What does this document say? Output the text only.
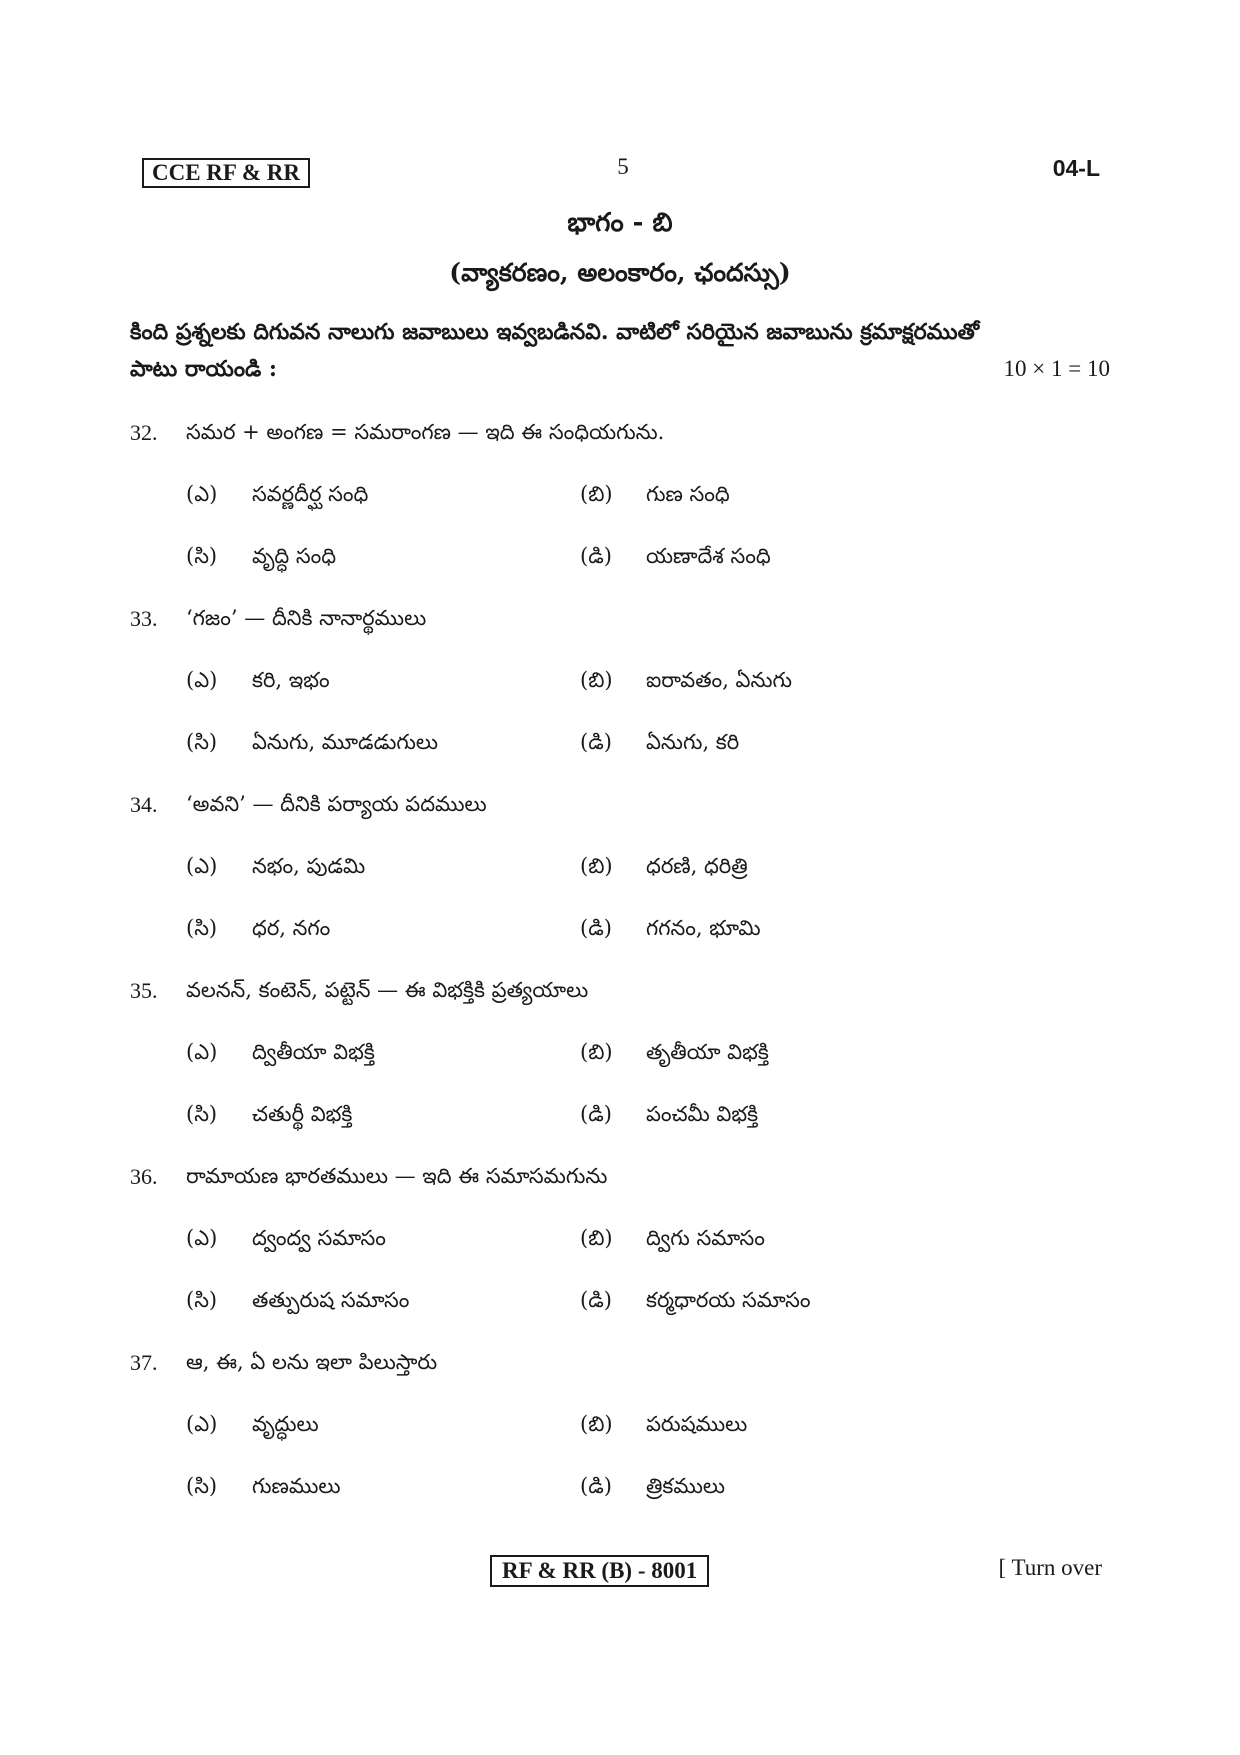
CCE RF & RR	5	04-L
భాగం - బి
(వ్యాకరణం, అలంకారం, ఛందస్సు)
కింది ప్రశ్నలకు దిగువన నాలుగు జవాబులు ఇవ్వబడినవి. వాటిలో సరియైన జవాబును క్రమాక్షరముతో
పాటు రాయండి :	10 × 1 = 10
32. సమర + అంగణ = సమరాంగణ — ఇది ఈ సంధియగును.
(ఎ) సవర్ణదీర్ఘ సంధి	(బి) గుణ సంధి
(సి) వృద్ధి సంధి	(డి) యణాదేశ సంధి
33. ‘గజం’ — దీనికి నానార్థములు
(ఎ) కరి, ఇభం	(బి) ఐరావతం, ఏనుగు
(సి) ఏనుగు, మూడడుగులు	(డి) ఏనుగు, కరి
34. ‘అవని’ — దీనికి పర్యాయ పదములు
(ఎ) నభం, పుడమి	(బి) ధరణి, ధరిత్రి
(సి) ధర, నగం	(డి) గగనం, భూమి
35. వలనన్, కంటెన్, పట్టెన్ — ఈ విభక్తికి ప్రత్యయాలు
(ఎ) ద్వితీయా విభక్తి	(బి) తృతీయా విభక్తి
(సి) చతుర్థీ విభక్తి	(డి) పంచమీ విభక్తి
36. రామాయణ భారతములు — ఇది ఈ సమాసమగును
(ఎ) ద్వంద్వ సమాసం	(బి) ద్విగు సమాసం
(సి) తత్పురుష సమాసం	(డి) కర్మధారయ సమాసం
37. ఆ, ఈ, ఏ లను ఇలా పిలుస్తారు
(ఎ) వృద్ధులు	(బి) పరుషములు
(సి) గుణములు	(డి) త్రికములు
RF & RR (B) - 8001	[ Turn over
